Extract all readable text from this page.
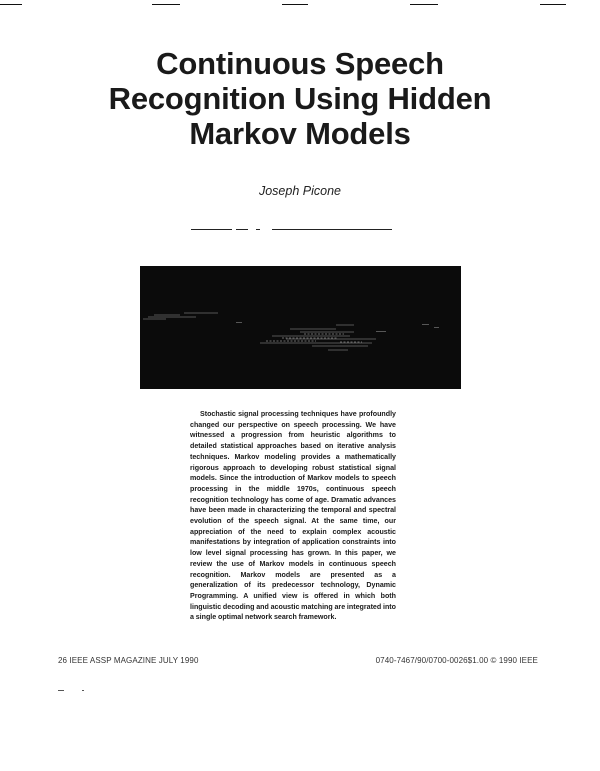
Continuous Speech
Recognition Using Hidden
Markov Models
Joseph Picone

Stochastic signal processing techniques have profoundly changed our perspective on speech processing. We have witnessed a progression from heuristic algorithms to detailed statistical approaches based on iterative analysis techniques. Markov modeling provides a mathematically rigorous approach to developing robust statistical signal models. Since the introduction of Markov models to speech processing in the middle 1970s, continuous speech recognition technology has come of age. Dramatic advances have been made in characterizing the temporal and spectral evolution of the speech signal. At the same time, our appreciation of the need to explain complex acoustic manifestations by integration of application constraints into low level signal processing has grown. In this paper, we review the use of Markov models in continuous speech recognition. Markov models are presented as a generalization of its predecessor technology, Dynamic Programming. A unified view is offered in which both linguistic decoding and acoustic matching are integrated into a single optimal network search framework.

26 IEEE ASSP MAGAZINE JULY 1990	0740-7467/90/0700-0026$1.00 © 1990 IEEE
